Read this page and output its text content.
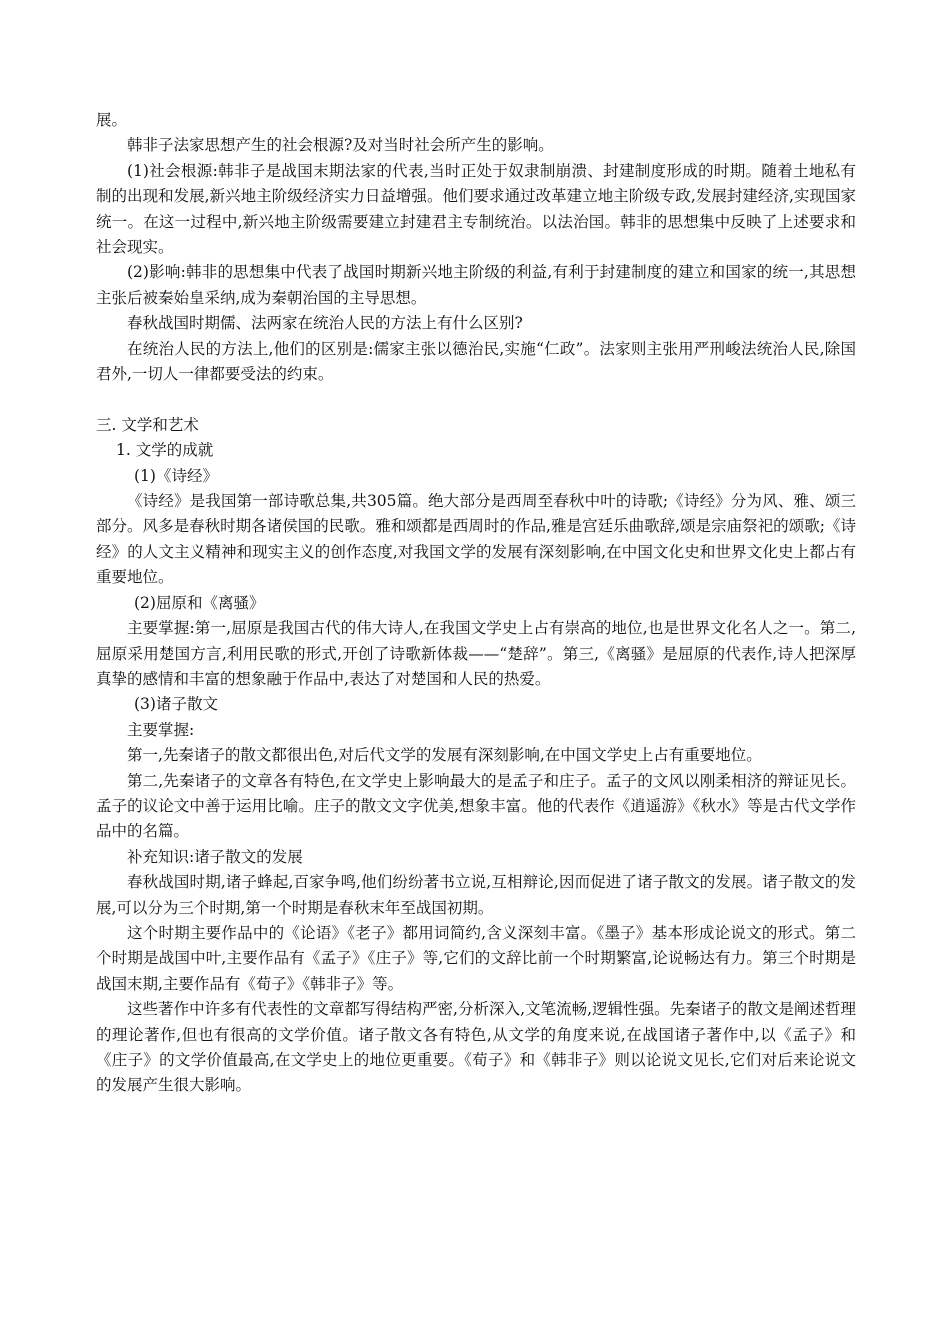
展。

韩非子法家思想产生的社会根源?及对当时社会所产生的影响。

(1)社会根源:韩非子是战国末期法家的代表,当时正处于奴隶制崩溃、封建制度形成的时期。随着土地私有制的出现和发展,新兴地主阶级经济实力日益增强。他们要求通过改革建立地主阶级专政,发展封建经济,实现国家统一。在这一过程中,新兴地主阶级需要建立封建君主专制统治。以法治国。韩非的思想集中反映了上述要求和社会现实。

(2)影响:韩非的思想集中代表了战国时期新兴地主阶级的利益,有利于封建制度的建立和国家的统一,其思想主张后被秦始皇采纳,成为秦朝治国的主导思想。

春秋战国时期儒、法两家在统治人民的方法上有什么区别?

在统治人民的方法上,他们的区别是:儒家主张以德治民,实施“仁政”。法家则主张用严刑峻法统治人民,除国君外,一切人一律都要受法的约束。

三. 文学和艺术

1. 文学的成就

(1)《诗经》

《诗经》是我国第一部诗歌总集,共305篇。绝大部分是西周至春秋中叶的诗歌;《诗经》分为风、雅、颂三部分。风多是春秋时期各诸侯国的民歌。雅和颂都是西周时的作品,雅是宫廷乐曲歌辞,颂是宗庙祭祀的颂歌;《诗经》的人文主义精神和现实主义的创作态度,对我国文学的发展有深刻影响,在中国文化史和世界文化史上都占有重要地位。

(2)屈原和《离骚》

主要掌握:第一,屈原是我国古代的伟大诗人,在我国文学史上占有崇高的地位,也是世界文化名人之一。第二,屈原采用楚国方言,利用民歌的形式,开创了诗歌新体裁——“楚辞”。第三,《离骚》是屈原的代表作,诗人把深厚真挚的感情和丰富的想象融于作品中,表达了对楚国和人民的热爱。

(3)诸子散文

主要掌握:

第一,先秦诸子的散文都很出色,对后代文学的发展有深刻影响,在中国文学史上占有重要地位。

第二,先秦诸子的文章各有特色,在文学史上影响最大的是孟子和庄子。孟子的文风以刚柔相济的辩证见长。孟子的议论文中善于运用比喻。庄子的散文文字优美,想象丰富。他的代表作《逍遥游》《秋水》等是古代文学作品中的名篇。

补充知识:诸子散文的发展

春秋战国时期,诸子蜂起,百家争鸣,他们纷纷著书立说,互相辩论,因而促进了诸子散文的发展。诸子散文的发展,可以分为三个时期,第一个时期是春秋末年至战国初期。

这个时期主要作品中的《论语》《老子》都用词简约,含义深刻丰富。《墨子》基本形成论说文的形式。第二个时期是战国中叶,主要作品有《孟子》《庄子》等,它们的文辞比前一个时期繁富,论说畅达有力。第三个时期是战国末期,主要作品有《荀子》《韩非子》等。

这些著作中许多有代表性的文章都写得结构严密,分析深入,文笔流畅,逻辑性强。先秦诸子的散文是阐述哲理的理论著作,但也有很高的文学价值。诸子散文各有特色,从文学的角度来说,在战国诸子著作中,以《孟子》和《庄子》的文学价值最高,在文学史上的地位更重要。《荀子》和《韩非子》则以论说文见长,它们对后来论说文的发展产生很大影响。
